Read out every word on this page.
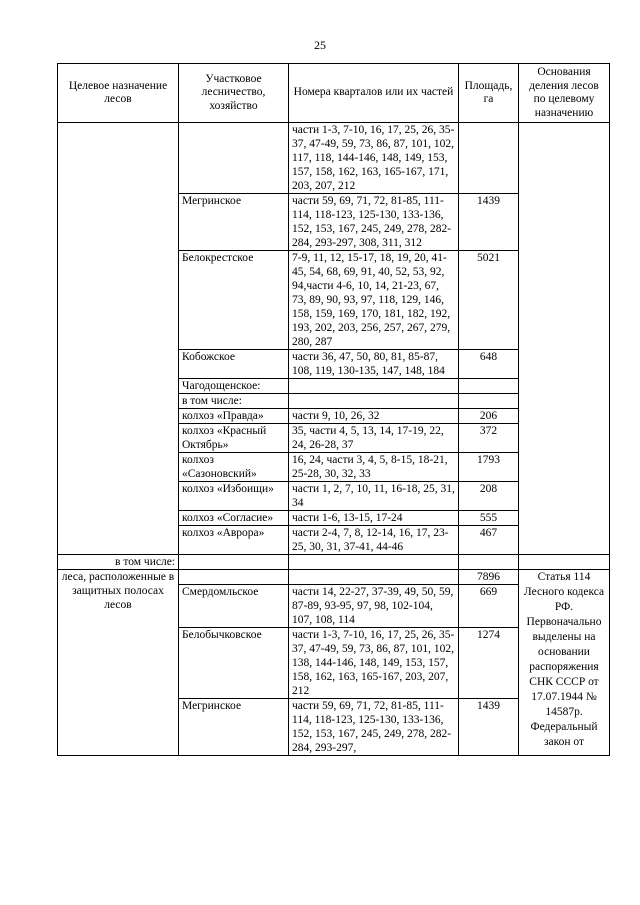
25
Целевое назначение лесов	Участковое лесничество, хозяйство	Номера кварталов или их частей	Площадь, га	Основания деления лесов по целевому назначению
		части 1-3, 7-10, 16, 17, 25, 26, 35-37, 47-49, 59, 73, 86, 87, 101, 102, 117, 118, 144-146, 148, 149, 153, 157, 158, 162, 163, 165-167, 171, 203, 207, 212		
	Мегринское	части 59, 69, 71, 72, 81-85, 111-114, 118-123, 125-130, 133-136, 152, 153, 167, 245, 249, 278, 282-284, 293-297, 308, 311, 312	1439	
	Белокрестское	7-9, 11, 12, 15-17, 18, 19, 20, 41-45, 54, 68, 69, 91, 40, 52, 53, 92, 94,части 4-6, 10, 14, 21-23, 67, 73, 89, 90, 93, 97, 118, 129, 146, 158, 159, 169, 170, 181, 182, 192, 193, 202, 203, 256, 257, 267, 279, 280, 287	5021	
	Кобожское	части 36, 47, 50, 80, 81, 85-87, 108, 119, 130-135, 147, 148, 184	648	
	Чагодощенское:			
	в том числе:			
	колхоз «Правда»	части 9, 10, 26, 32	206	
	колхоз «Красный Октябрь»	35, части 4, 5, 13, 14, 17-19, 22, 24, 26-28, 37	372	
	колхоз «Сазоновский»	16, 24, части 3, 4, 5, 8-15, 18-21, 25-28, 30, 32, 33	1793	
	колхоз «Избоищи»	части 1, 2, 7, 10, 11, 16-18, 25, 31, 34	208	
	колхоз «Согласие»	части 1-6, 13-15, 17-24	555	
	колхоз «Аврора»	части 2-4, 7, 8, 12-14, 16, 17, 23-25, 30, 31, 37-41, 44-46	467	
в том числе:				
леса, расположенные в защитных полосах лесов			7896	Статья 114 Лесного кодекса РФ. Первоначально выделены на основании распоряжения СНК СССР от 17.07.1944 № 14587р. Федеральный закон от
	Смердомльское	части 14, 22-27, 37-39, 49, 50, 59, 87-89, 93-95, 97, 98, 102-104, 107, 108, 114	669	
	Белобычковское	части 1-3, 7-10, 16, 17, 25, 26, 35-37, 47-49, 59, 73, 86, 87, 101, 102, 138, 144-146, 148, 149, 153, 157, 158, 162, 163, 165-167, 203, 207, 212	1274	
	Мегринское	части 59, 69, 71, 72, 81-85, 111-114, 118-123, 125-130, 133-136, 152, 153, 167, 245, 249, 278, 282-284, 293-297,	1439	
